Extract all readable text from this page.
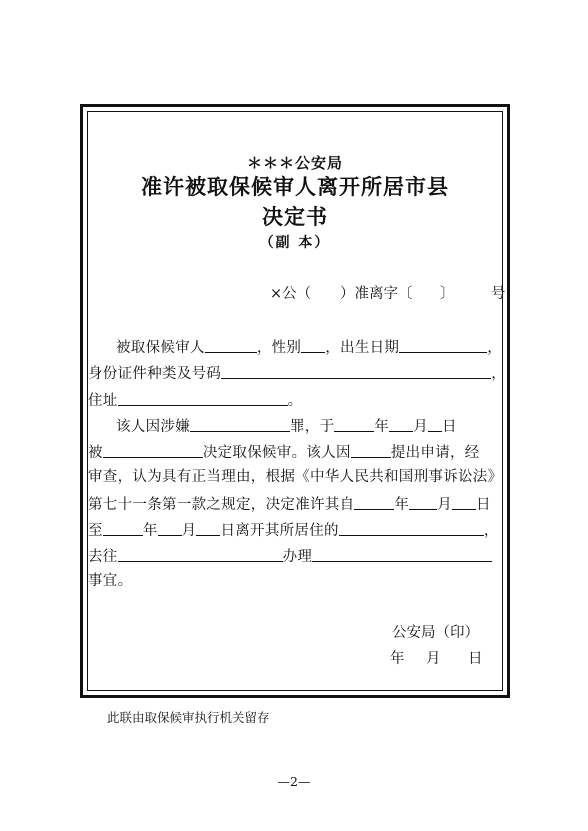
＊＊＊公安局
准许被取保候审人离开所居市县
决定书
（副 本）
×公（ ）准离字〔 〕	号
被取保候审人	，性别 ，出生日期	，
身份证件种类及号码	，
住址	。
该人因涉嫌	罪，于	年 月 日
被	决定取保候审。该人因	提出申请，经
审查，认为具有正当理由，根据《中华人民共和国刑事诉讼法》
第七十一条第一款之规定，决定准许其自	年 月 日
至	年 月 日离开其所居住的	，
去往	办理
事宜。
公安局（印）
年 月 日
此联由取保候审执行机关留存
—2—
